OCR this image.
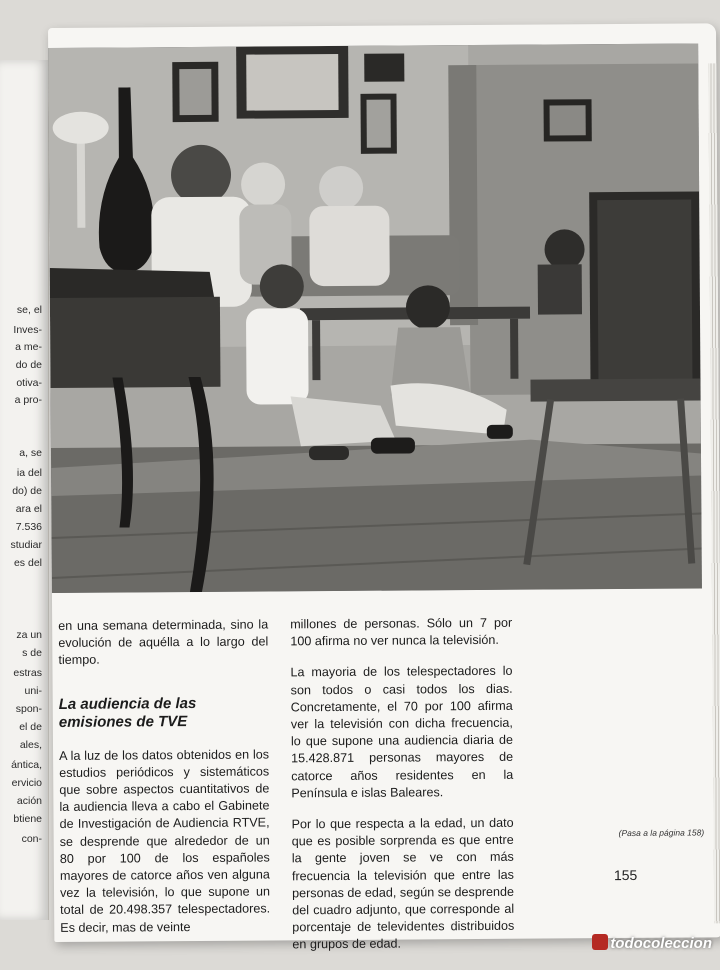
se, el
Inves-
a me-
do de
otiva-
a pro-
a, se
ia del
do) de
ara el
7.536
studiar
es del
za un
s de
estras
uni-
spon-
el de
ales,
ántica,
ervicio
ación
btiene
con-

en una semana determinada, sino la evolución de aquélla a lo largo del tiempo.

La audiencia de las emisiones de TVE

A la luz de los datos obtenidos en los estudios periódicos y sistemáticos que sobre aspectos cuantitativos de la audiencia lleva a cabo el Gabinete de Investigación de Audiencia RTVE, se desprende que alrededor de un 80 por 100 de los españoles mayores de catorce años ven alguna vez la televisión, lo que supone un total de 20.498.357 telespectadores. Es decir, mas de veinte

millones de personas. Sólo un 7 por 100 afirma no ver nunca la televisión.

La mayoria de los telespectadores lo son todos o casi todos los dias. Concretamente, el 70 por 100 afirma ver la televisión con dicha frecuencia, lo que supone una audiencia diaria de 15.428.871 personas mayores de catorce años residentes en la Península e islas Baleares.

Por lo que respecta a la edad, un dato que es posible sorprenda es que entre la gente joven se ve con más frecuencia la televisión que entre las personas de edad, según se desprende del cuadro adjunto, que corresponde al porcentaje de televidentes distribuidos en grupos de edad.

(Pasa a la página 158)
155
todocoleccion
